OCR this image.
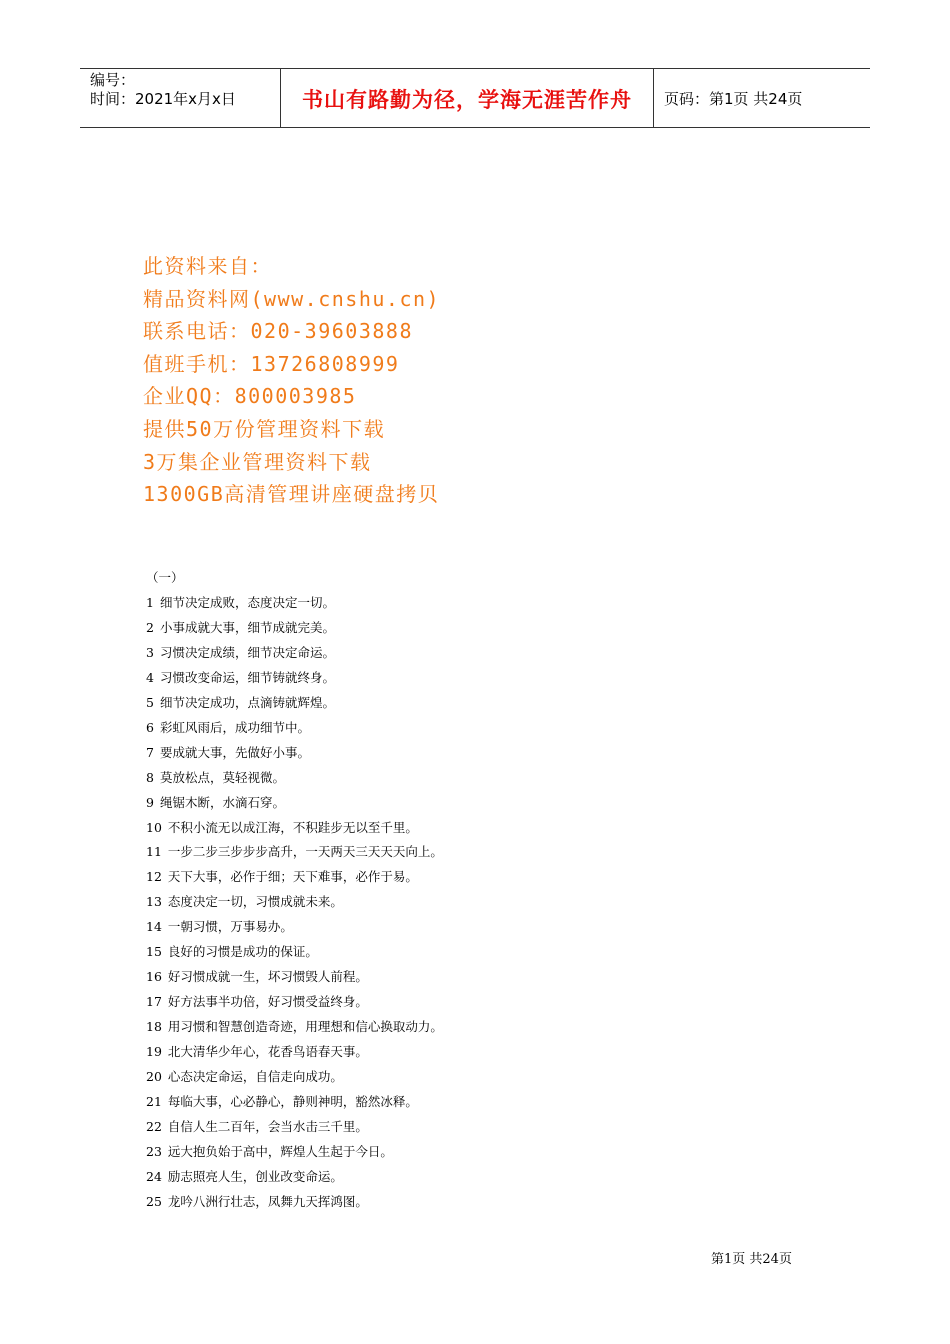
编号：
时间：2021年x月x日	书山有路勤为径，学海无涯苦作舟	页码：第1页 共24页
此资料来自：
精品资料网(www.cnshu.cn)
联系电话：020-39603888
值班手机：13726808999
企业QQ：800003985
提供50万份管理资料下载
3万集企业管理资料下载
1300GB高清管理讲座硬盘拷贝
（一）
1 细节决定成败，态度决定一切。
2 小事成就大事，细节成就完美。
3 习惯决定成绩，细节决定命运。
4 习惯改变命运，细节铸就终身。
5 细节决定成功，点滴铸就辉煌。
6 彩虹风雨后，成功细节中。
7 要成就大事，先做好小事。
8 莫放松点，莫轻视微。
9 绳锯木断，水滴石穿。
10 不积小流无以成江海，不积跬步无以至千里。
11 一步二步三步步步高升，一天两天三天天天向上。
12 天下大事，必作于细；天下难事，必作于易。
13 态度决定一切，习惯成就未来。
14 一朝习惯，万事易办。
15 良好的习惯是成功的保证。
16 好习惯成就一生，坏习惯毁人前程。
17 好方法事半功倍，好习惯受益终身。
18 用习惯和智慧创造奇迹，用理想和信心换取动力。
19 北大清华少年心，花香鸟语春天事。
20 心态决定命运，自信走向成功。
21 每临大事，心必静心，静则神明，豁然冰释。
22 自信人生二百年，会当水击三千里。
23 远大抱负始于高中，辉煌人生起于今日。
24 励志照亮人生，创业改变命运。
25 龙吟八洲行壮志，凤舞九天挥鸿图。
第1页 共24页
